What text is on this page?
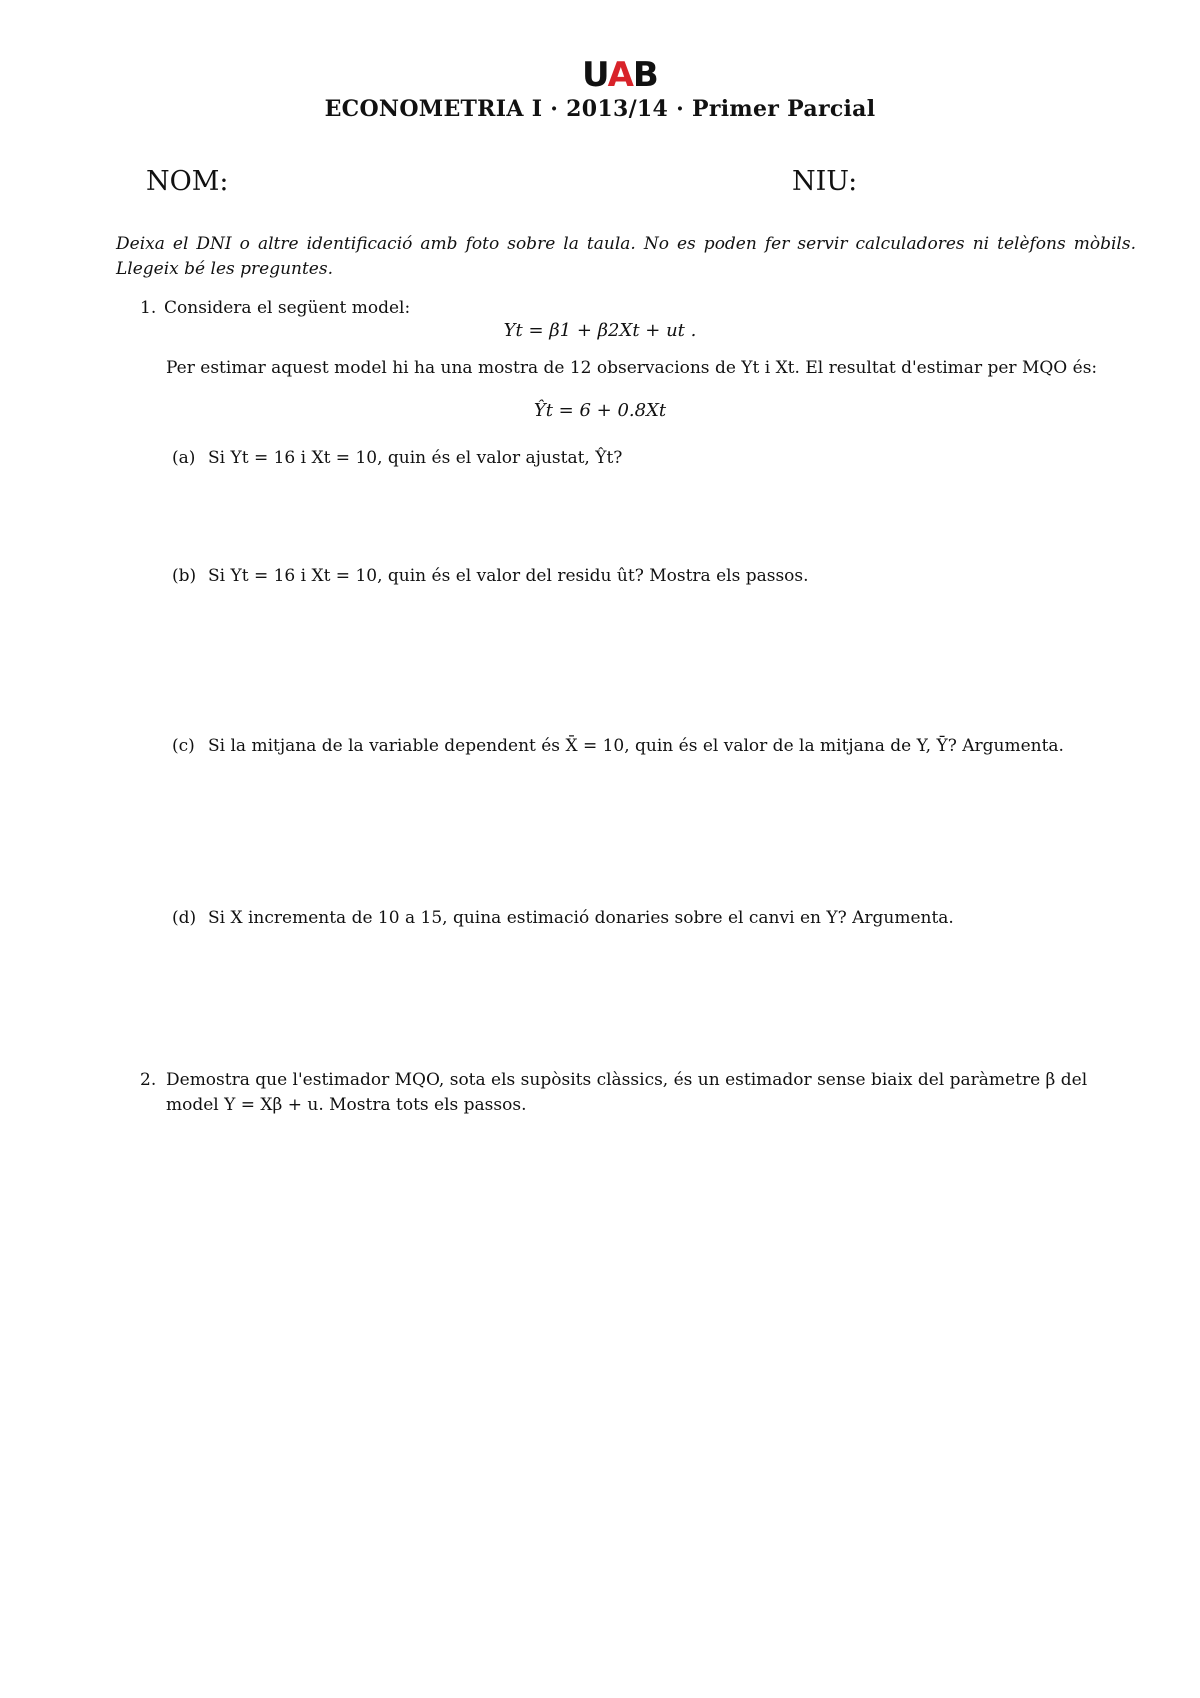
UAB
ECONOMETRIA I · 2013/14 · Primer Parcial
NOM:	NIU:
Deixa el DNI o altre identificació amb foto sobre la taula. No es poden fer servir calculadores ni telèfons mòbils. Llegeix bé les preguntes.
1. Considera el següent model:
Yt = β1 + β2Xt + ut .
Per estimar aquest model hi ha una mostra de 12 observacions de Yt i Xt. El resultat d'estimar per MQO és:
Ŷt = 6 + 0.8Xt
(a) Si Yt = 16 i Xt = 10, quin és el valor ajustat, Ŷt?
(b) Si Yt = 16 i Xt = 10, quin és el valor del residu ût? Mostra els passos.
(c) Si la mitjana de la variable dependent és X̄ = 10, quin és el valor de la mitjana de Y, Ȳ? Argumenta.
(d) Si X incrementa de 10 a 15, quina estimació donaries sobre el canvi en Y? Argumenta.
2. Demostra que l'estimador MQO, sota els supòsits clàssics, és un estimador sense biaix del paràmetre β del
model Y = Xβ + u. Mostra tots els passos.
